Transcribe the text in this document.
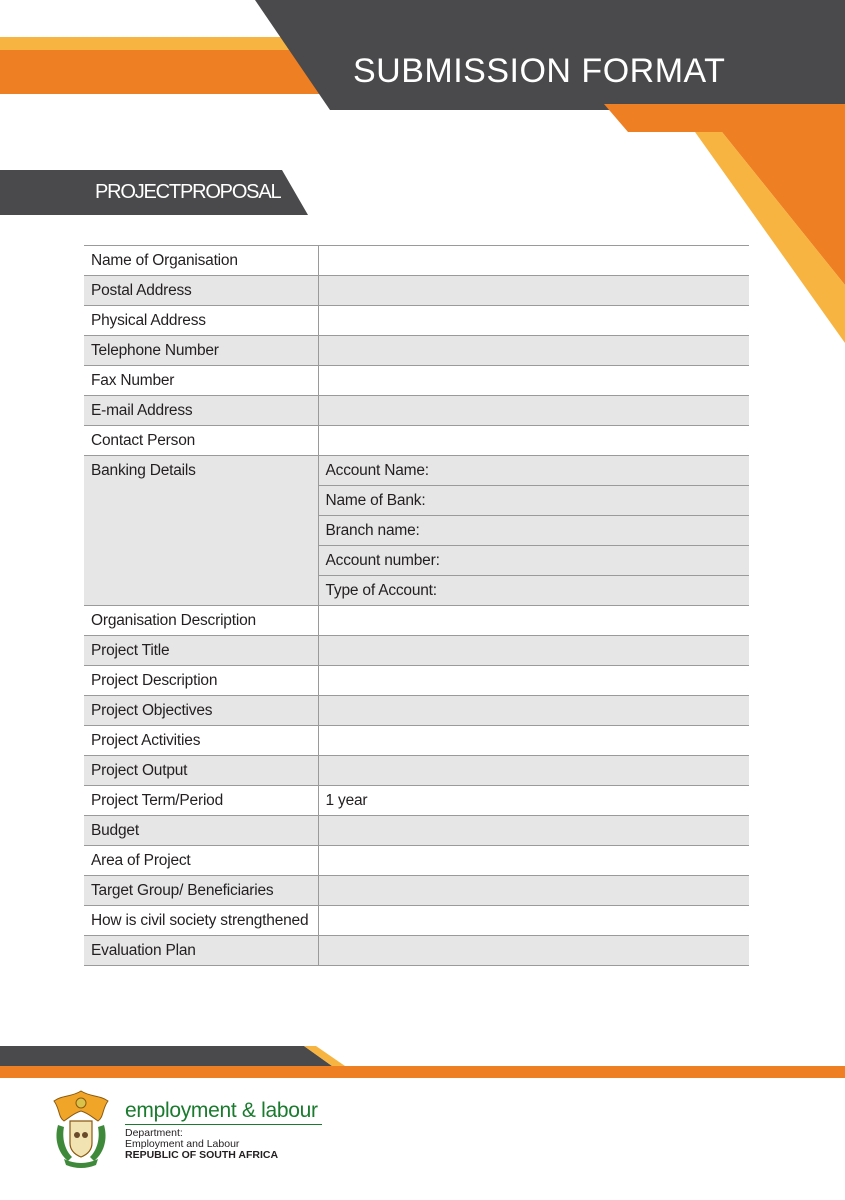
SUBMISSION FORMAT
PROJECTPROPOSAL
Name of Organisation	
Postal Address	
Physical Address	
Telephone Number	
Fax Number	
E-mail Address	
Contact Person	
Banking Details	Account Name:
	Name of Bank:
	Branch name:
	Account number:
	Type of Account:
Organisation Description	
Project Title	
Project Description	
Project Objectives	
Project Activities	
Project Output	
Project Term/Period	1 year
Budget	
Area of Project	
Target Group/ Beneficiaries	
How is civil society strengthened	
Evaluation Plan	
employment & labour
Department:
Employment and Labour
REPUBLIC OF SOUTH AFRICA
